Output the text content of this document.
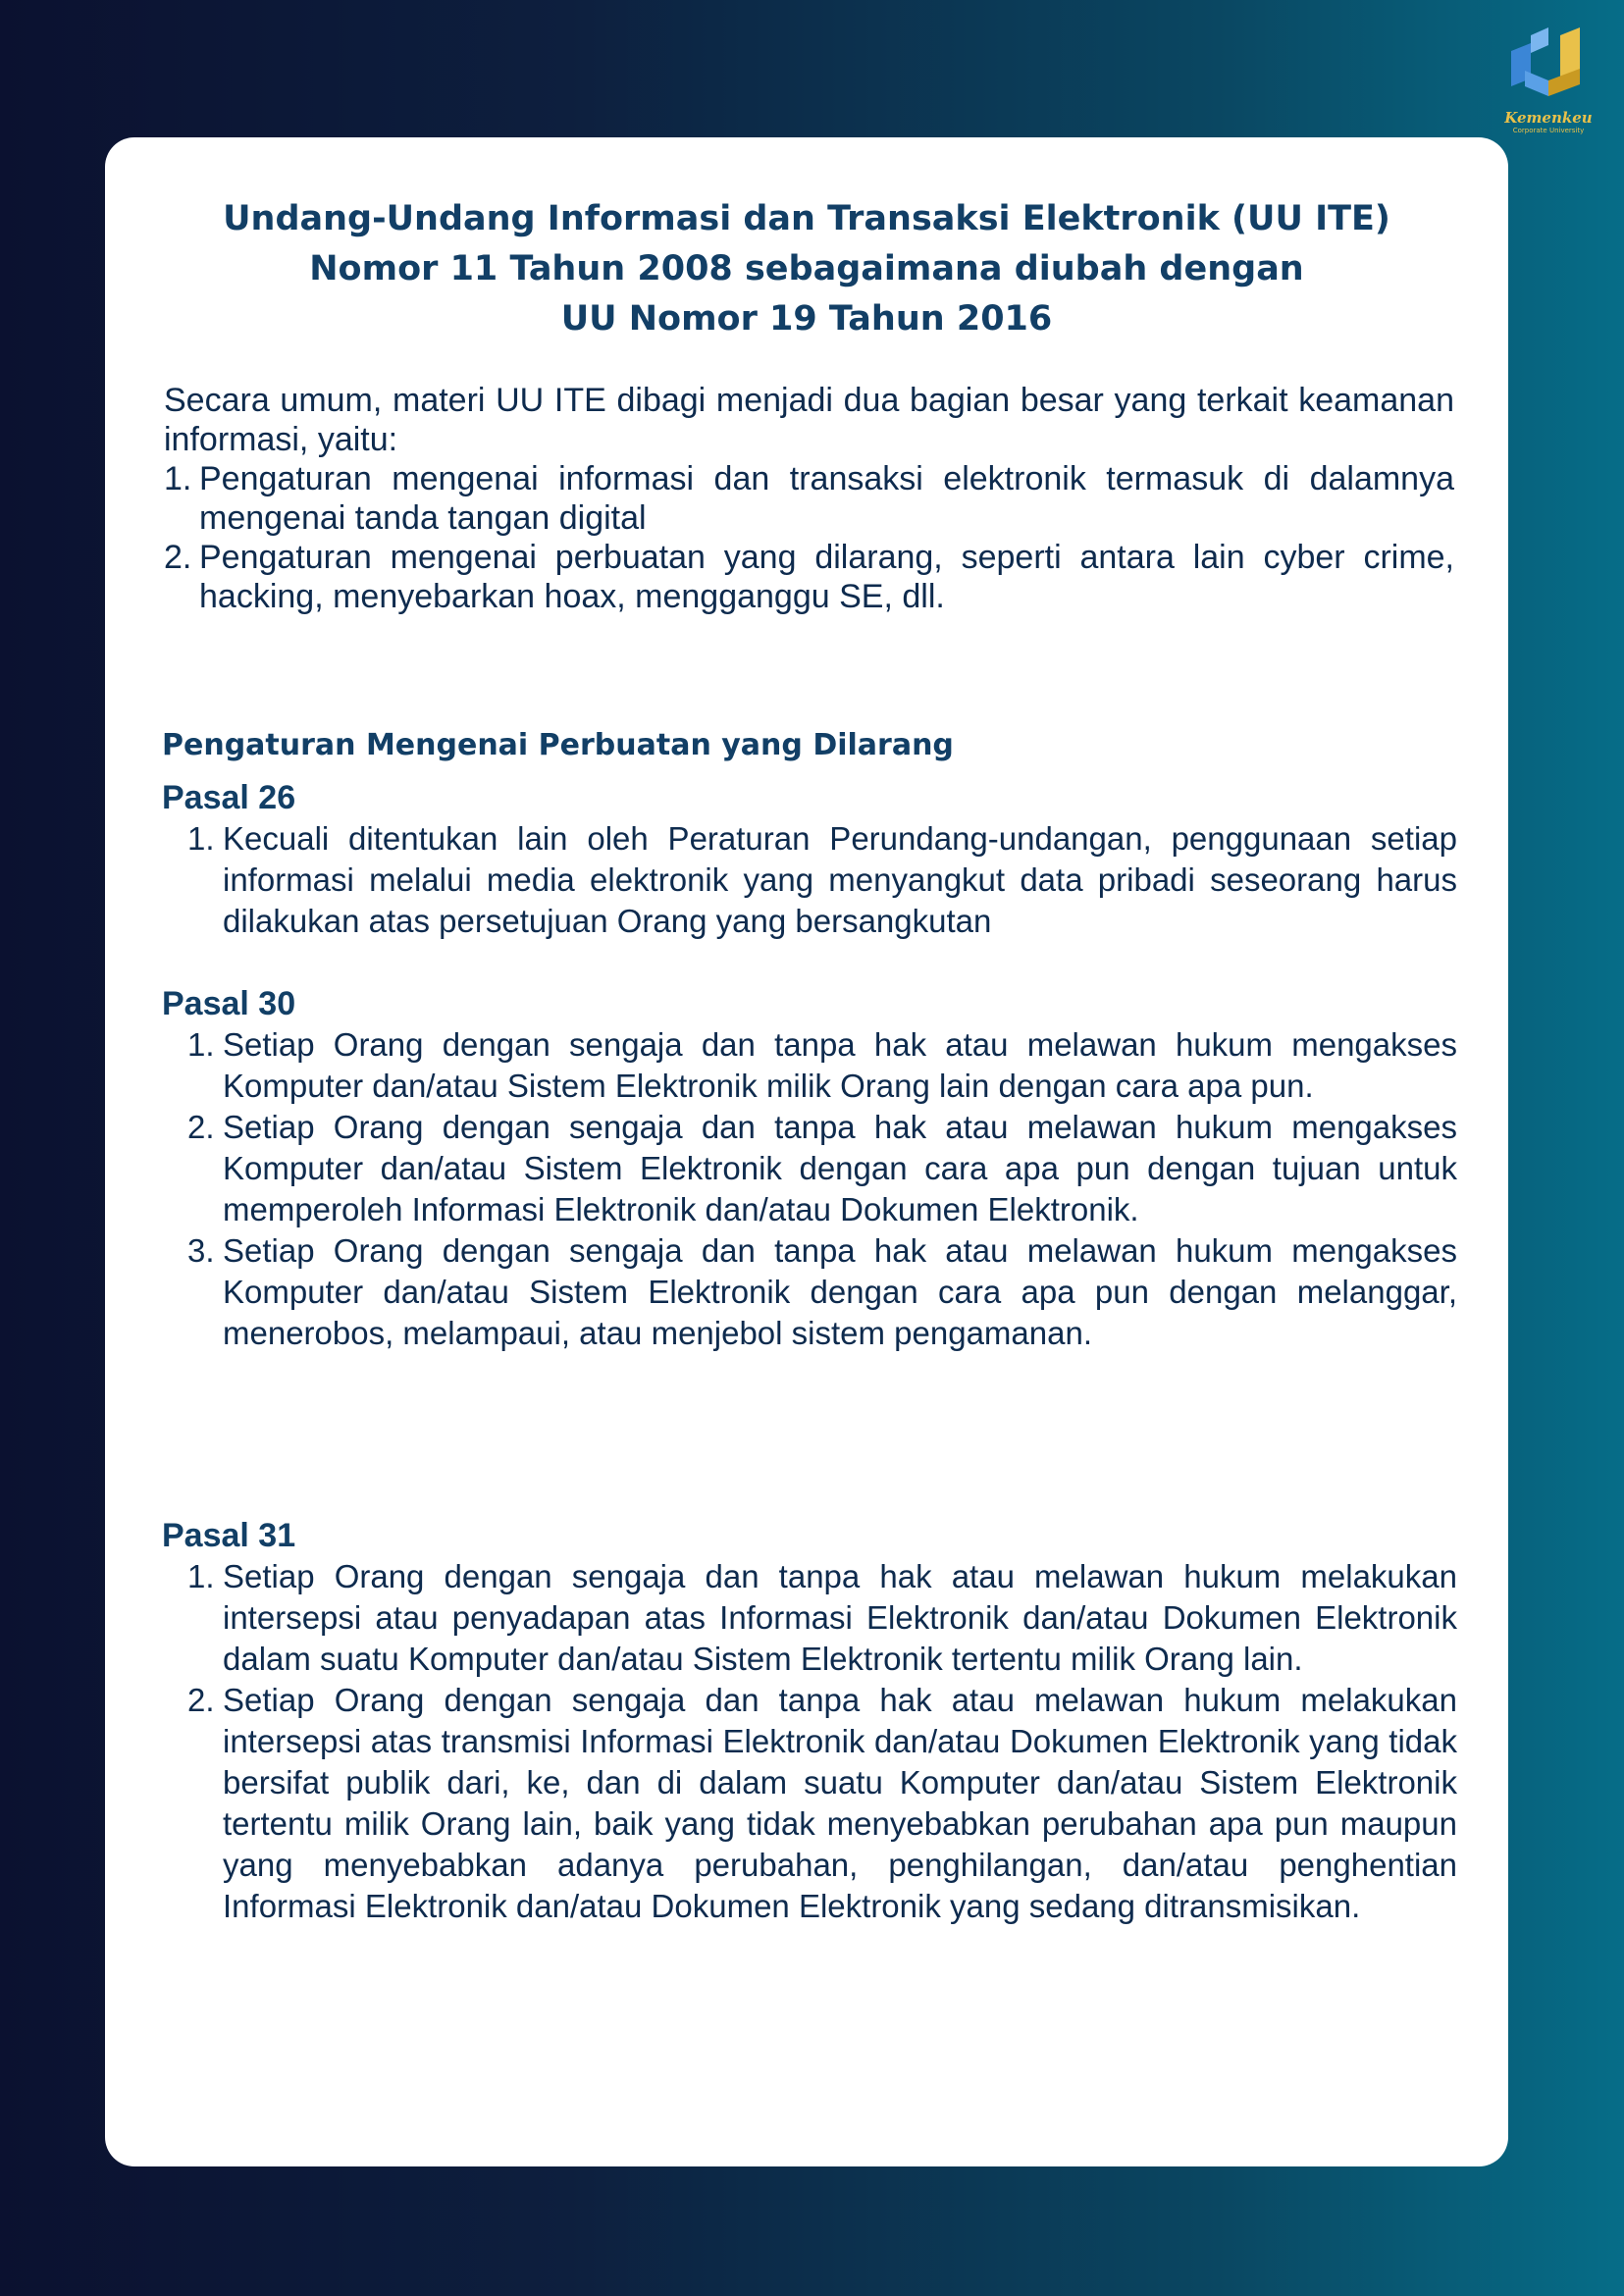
Kemenkeu
Corporate University
Undang-Undang Informasi dan Transaksi Elektronik (UU ITE)
Nomor 11 Tahun 2008 sebagaimana diubah dengan
UU Nomor 19 Tahun 2016

Secara umum, materi UU ITE dibagi menjadi dua bagian besar yang terkait keamanan informasi, yaitu:

1. Pengaturan mengenai informasi dan transaksi elektronik termasuk di dalamnya mengenai tanda tangan digital
2. Pengaturan mengenai perbuatan yang dilarang, seperti antara lain cyber crime, hacking, menyebarkan hoax, mengganggu SE, dll.
Pengaturan Mengenai Perbuatan yang Dilarang
Pasal 26
1. Kecuali ditentukan lain oleh Peraturan Perundang-undangan, penggunaan setiap informasi melalui media elektronik yang menyangkut data pribadi seseorang harus dilakukan atas persetujuan Orang yang bersangkutan
Pasal 30
1. Setiap Orang dengan sengaja dan tanpa hak atau melawan hukum mengakses Komputer dan/atau Sistem Elektronik milik Orang lain dengan cara apa pun.
2. Setiap Orang dengan sengaja dan tanpa hak atau melawan hukum mengakses Komputer dan/atau Sistem Elektronik dengan cara apa pun dengan tujuan untuk memperoleh Informasi Elektronik dan/atau Dokumen Elektronik.
3. Setiap Orang dengan sengaja dan tanpa hak atau melawan hukum mengakses Komputer dan/atau Sistem Elektronik dengan cara apa pun dengan melanggar, menerobos, melampaui, atau menjebol sistem pengamanan.
Pasal 31
1. Setiap Orang dengan sengaja dan tanpa hak atau melawan hukum melakukan intersepsi atau penyadapan atas Informasi Elektronik dan/atau Dokumen Elektronik dalam suatu Komputer dan/atau Sistem Elektronik tertentu milik Orang lain.
2. Setiap Orang dengan sengaja dan tanpa hak atau melawan hukum melakukan intersepsi atas transmisi Informasi Elektronik dan/atau Dokumen Elektronik yang tidak bersifat publik dari, ke, dan di dalam suatu Komputer dan/atau Sistem Elektronik tertentu milik Orang lain, baik yang tidak menyebabkan perubahan apa pun maupun yang menyebabkan adanya perubahan, penghilangan, dan/atau penghentian Informasi Elektronik dan/atau Dokumen Elektronik yang sedang ditransmisikan.
